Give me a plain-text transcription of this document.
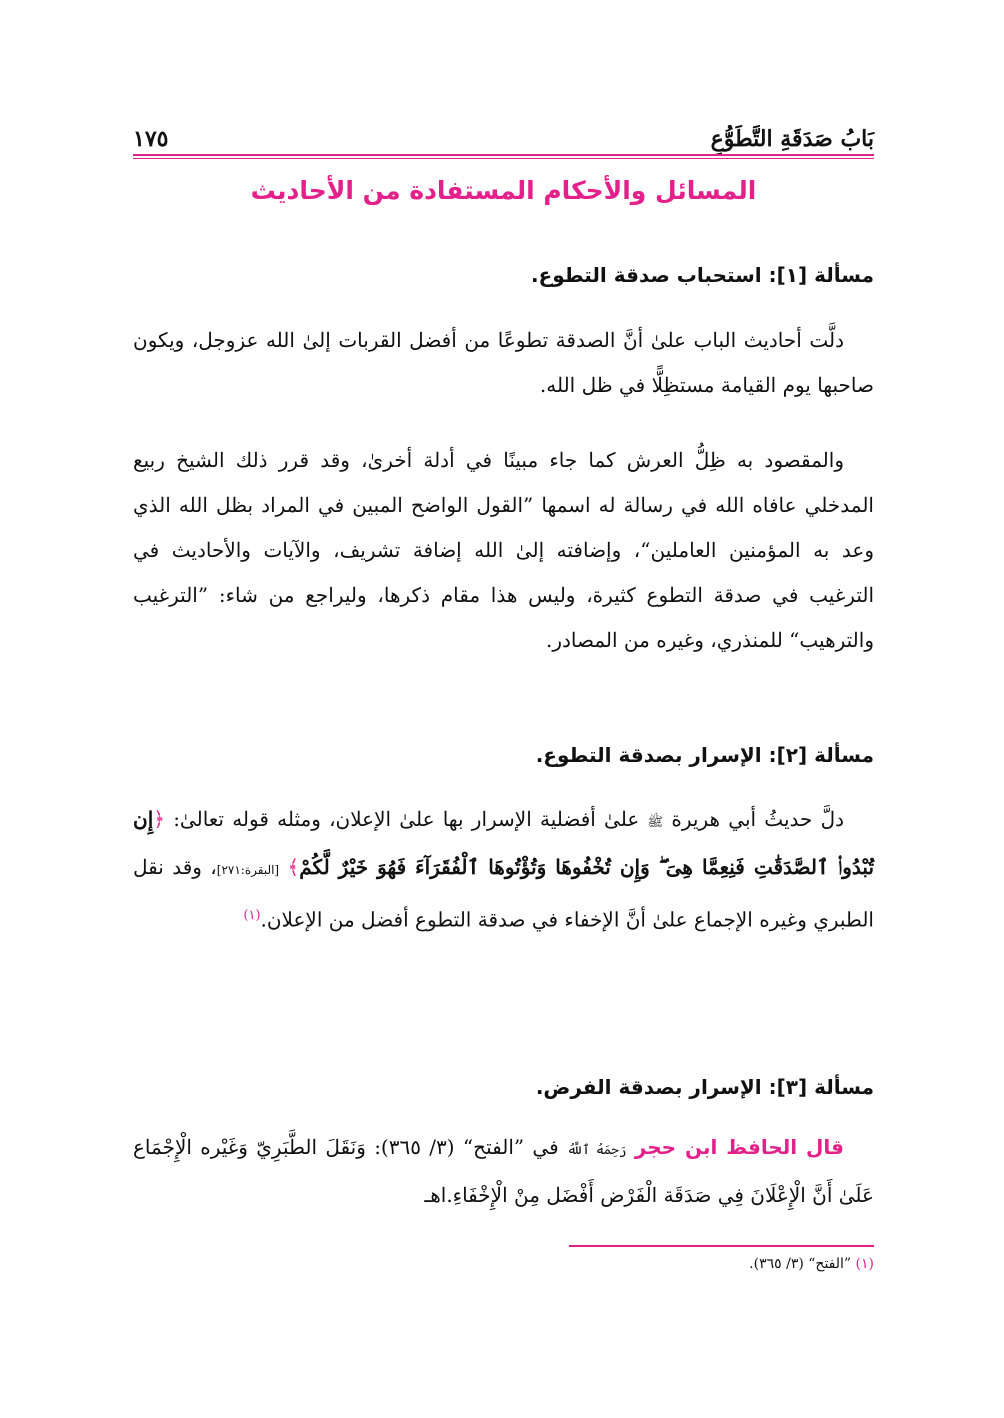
بَابُ صَدَقَةِ التَّطَوُّعِ
١٧٥
المسائل والأحكام المستفادة من الأحاديث
مسألة [١]: استحباب صدقة التطوع.
دلَّت أحاديث الباب علىٰ أنَّ الصدقة تطوعًا من أفضل القربات إلىٰ الله عزوجل، ويكون صاحبها يوم القيامة مستظِلًّا في ظل الله.
والمقصود به ظِلُّ العرش كما جاء مبينًا في أدلة أخرىٰ، وقد قرر ذلك الشيخ ربيع المدخلي عافاه الله في رسالة له اسمها ”القول الواضح المبين في المراد بظل الله الذي وعد به المؤمنين العاملين“، وإضافته إلىٰ الله إضافة تشريف، والآيات والأحاديث في الترغيب في صدقة التطوع كثيرة، وليس هذا مقام ذكرها، وليراجع من شاء: ”الترغيب والترهيب“ للمنذري، وغيره من المصادر.
مسألة [٢]: الإسرار بصدقة التطوع.
دلَّ حديثُ أبي هريرة ﷺ علىٰ أفضلية الإسرار بها علىٰ الإعلان، ومثله قوله تعالىٰ: ﴿إِن تُبْدُوا۟ ٱلصَّدَقَٰتِ فَنِعِمَّا هِىَ ۖ وَإِن تُخْفُوهَا وَتُؤْتُوهَا ٱلْفُقَرَآءَ فَهُوَ خَيْرٌ لَّكُمْ﴾ [البقرة:٢٧١]، وقد نقل الطبري وغيره الإجماع علىٰ أنَّ الإخفاء في صدقة التطوع أفضل من الإعلان.$^{(١)}$
مسألة [٣]: الإسرار بصدقة الفرض.
قال الحافظ ابن حجر رَحِمَهُ ٱللَّهُ في ”الفتح“ (٣/ ٣٦٥): وَنَقَلَ الطَّبَرِيّ وَغَيْره الْإِجْمَاع عَلَىٰ أَنَّ الْإِعْلَانَ فِي صَدَقَة الْفَرْض أَفْضَل مِنْ الْإِخْفَاءِ.اهـ
(١) ”الفتح“ (٣/ ٣٦٥).
